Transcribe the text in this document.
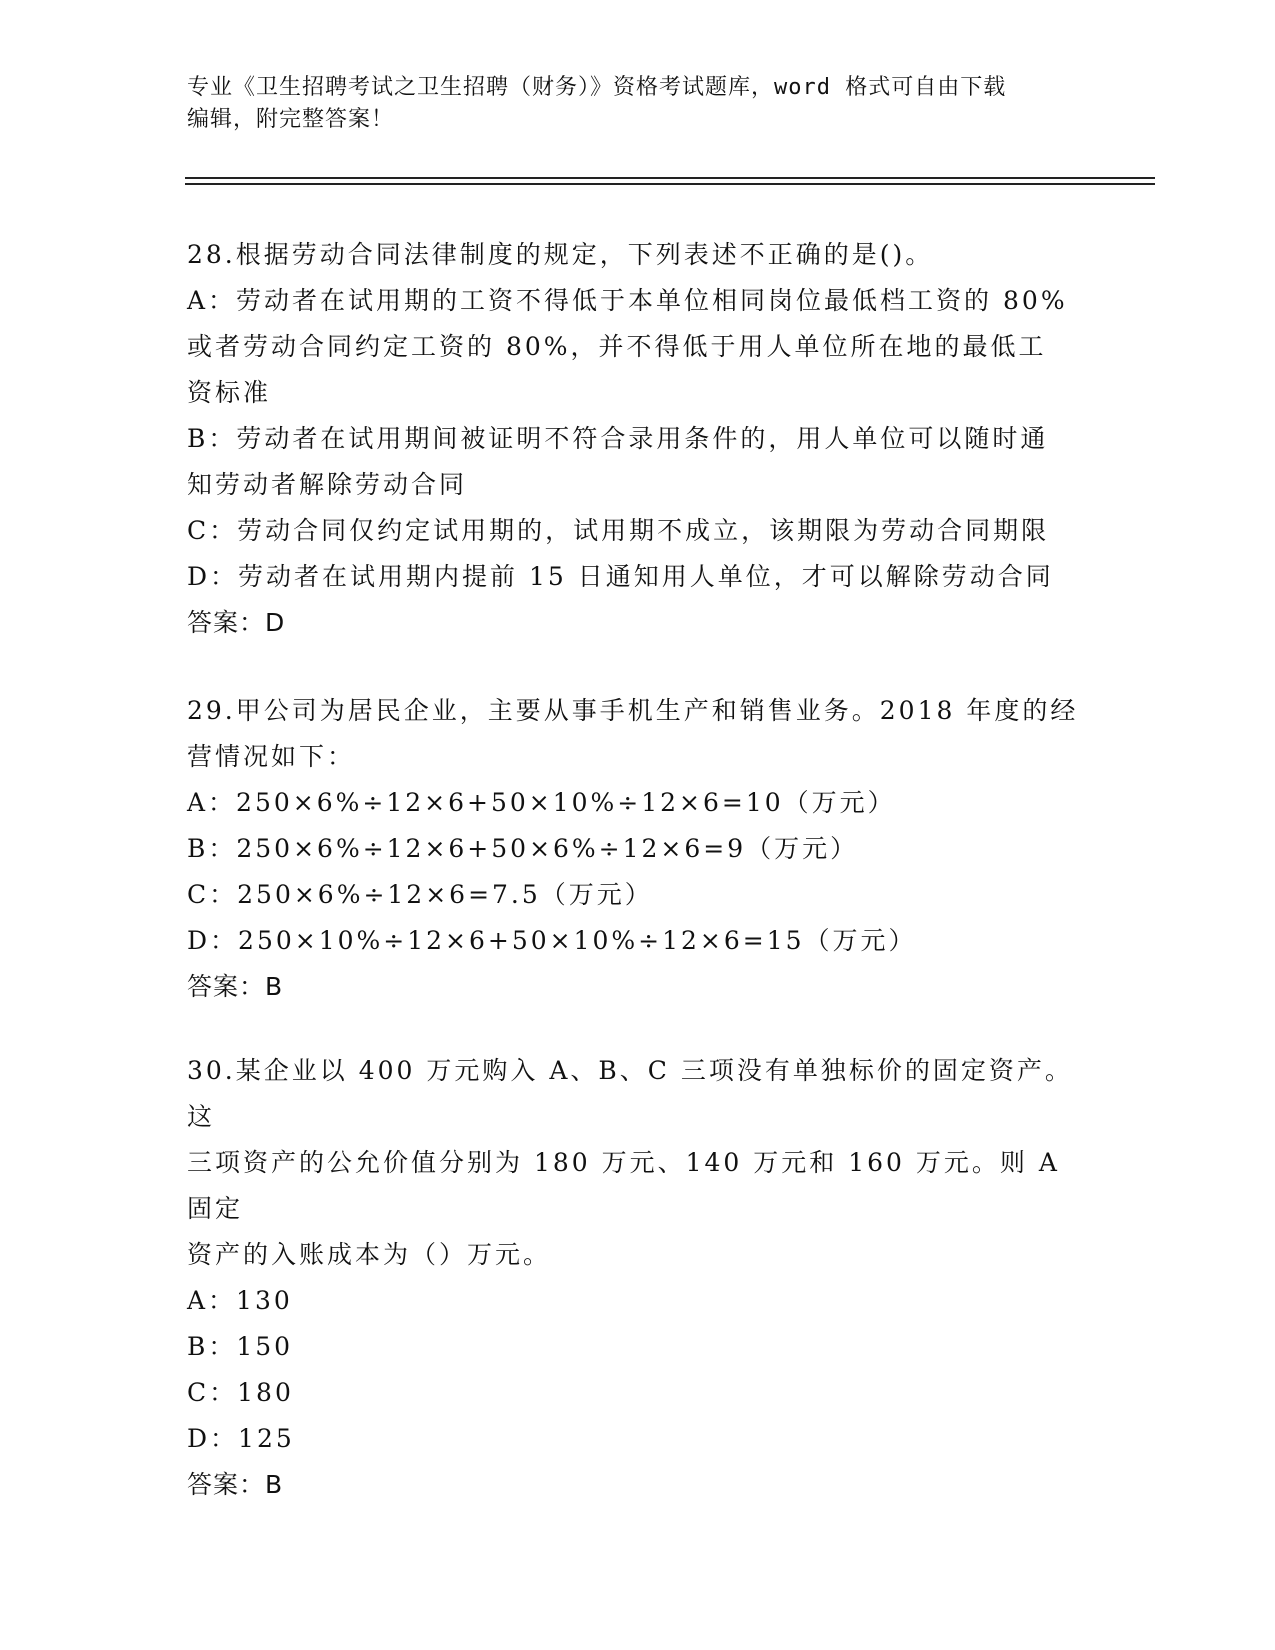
专业《卫生招聘考试之卫生招聘（财务）》资格考试题库，word 格式可自由下载
编辑，附完整答案！
28.根据劳动合同法律制度的规定，下列表述不正确的是()。
A：劳动者在试用期的工资不得低于本单位相同岗位最低档工资的 80%
或者劳动合同约定工资的 80%，并不得低于用人单位所在地的最低工
资标准
B：劳动者在试用期间被证明不符合录用条件的，用人单位可以随时通
知劳动者解除劳动合同
C：劳动合同仅约定试用期的，试用期不成立，该期限为劳动合同期限
D：劳动者在试用期内提前 15 日通知用人单位，才可以解除劳动合同
答案：D
29.甲公司为居民企业，主要从事手机生产和销售业务。2018 年度的经
营情况如下：
A：250×6%÷12×6+50×10%÷12×6=10（万元）
B：250×6%÷12×6+50×6%÷12×6=9（万元）
C：250×6%÷12×6=7.5（万元）
D：250×10%÷12×6+50×10%÷12×6=15（万元）
答案：B
30.某企业以 400 万元购入 A、B、C 三项没有单独标价的固定资产。这
三项资产的公允价值分别为 180 万元、140 万元和 160 万元。则 A 固定
资产的入账成本为（）万元。
A：130
B：150
C：180
D：125
答案：B
